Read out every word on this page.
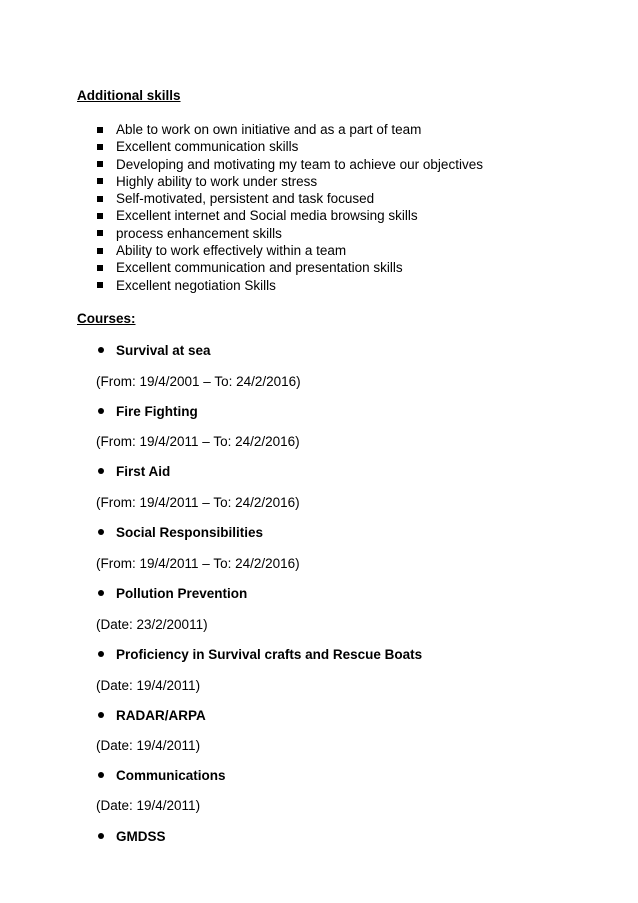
Additional skills
Able to work on own initiative and as a part of team
Excellent communication skills
Developing and motivating my team to achieve our objectives
Highly ability to work under stress
Self-motivated, persistent and task focused
Excellent internet and Social media browsing skills
process enhancement skills
Ability to work effectively within a team
Excellent communication and presentation skills
Excellent negotiation Skills
Courses:
Survival at sea
(From: 19/4/2001 – To: 24/2/2016)
Fire Fighting
(From: 19/4/2011 – To: 24/2/2016)
First Aid
(From: 19/4/2011 – To: 24/2/2016)
Social Responsibilities
(From: 19/4/2011 – To: 24/2/2016)
Pollution Prevention
(Date: 23/2/20011)
Proficiency in Survival crafts and Rescue Boats
(Date: 19/4/2011)
RADAR/ARPA
(Date: 19/4/2011)
Communications
(Date: 19/4/2011)
GMDSS
